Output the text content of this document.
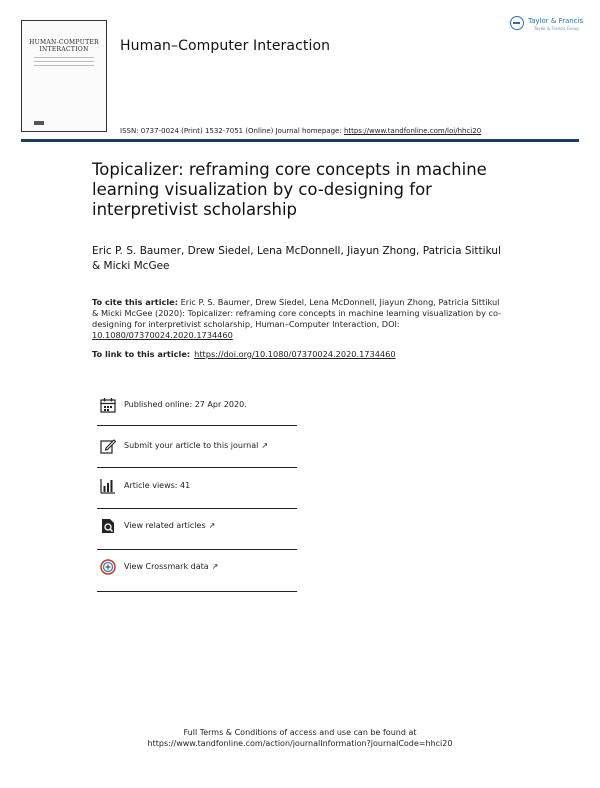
HUMAN-COMPUTER
INTERACTION	Human–Computer Interaction
Taylor & Francis
Taylor & Francis Group
ISSN: 0737-0024 (Print) 1532-7051 (Online) Journal homepage: https://www.tandfonline.com/loi/hhci20
Topicalizer: reframing core concepts in machine learning visualization by co-designing for interpretivist scholarship
Eric P. S. Baumer, Drew Siedel, Lena McDonnell, Jiayun Zhong, Patricia Sittikul & Micki McGee
To cite this article: Eric P. S. Baumer, Drew Siedel, Lena McDonnell, Jiayun Zhong, Patricia Sittikul & Micki McGee (2020): Topicalizer: reframing core concepts in machine learning visualization by co-designing for interpretivist scholarship, Human–Computer Interaction, DOI: 10.1080/07370024.2020.1734460
To link to this article: https://doi.org/10.1080/07370024.2020.1734460
Published online: 27 Apr 2020.
Submit your article to this journal ↗
Article views: 41
View related articles ↗
View Crossmark data ↗
Full Terms & Conditions of access and use can be found at
https://www.tandfonline.com/action/journalInformation?journalCode=hhci20
